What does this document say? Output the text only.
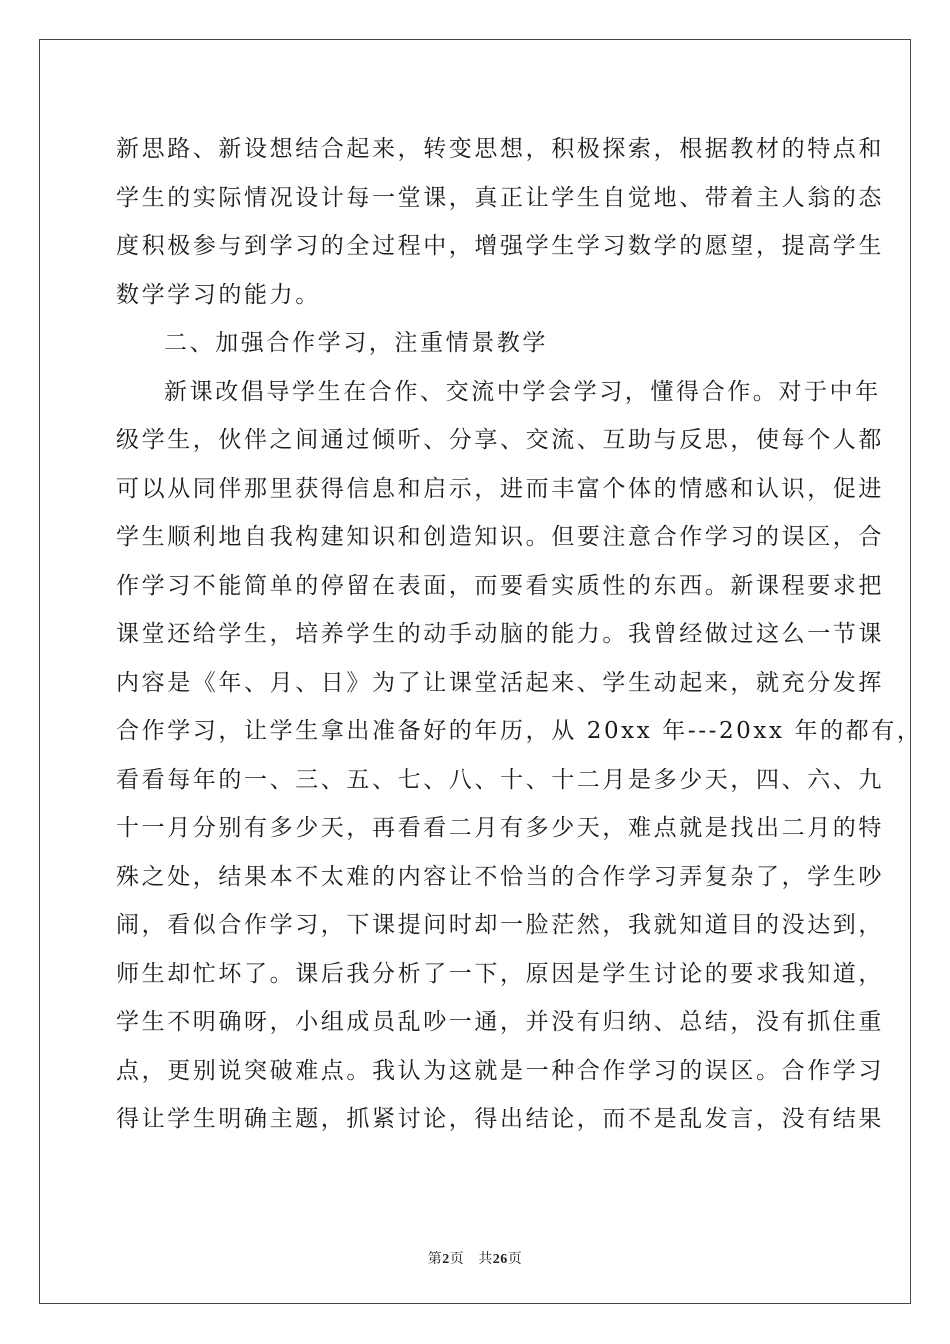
新思路、新设想结合起来，转变思想，积极探索，根据教材的特点和
学生的实际情况设计每一堂课，真正让学生自觉地、带着主人翁的态
度积极参与到学习的全过程中，增强学生学习数学的愿望，提高学生
数学学习的能力。
二、加强合作学习，注重情景教学
新课改倡导学生在合作、交流中学会学习，懂得合作。对于中年
级学生，伙伴之间通过倾听、分享、交流、互助与反思，使每个人都
可以从同伴那里获得信息和启示，进而丰富个体的情感和认识，促进
学生顺利地自我构建知识和创造知识。但要注意合作学习的误区，合
作学习不能简单的停留在表面，而要看实质性的东西。新课程要求把
课堂还给学生，培养学生的动手动脑的能力。我曾经做过这么一节课
内容是《年、月、日》为了让课堂活起来、学生动起来，就充分发挥
合作学习，让学生拿出准备好的年历，从 20xx 年---20xx 年的都有，
看看每年的一、三、五、七、八、十、十二月是多少天，四、六、九
十一月分别有多少天，再看看二月有多少天，难点就是找出二月的特
殊之处，结果本不太难的内容让不恰当的合作学习弄复杂了，学生吵
闹，看似合作学习，下课提问时却一脸茫然，我就知道目的没达到，
师生却忙坏了。课后我分析了一下，原因是学生讨论的要求我知道，
学生不明确呀，小组成员乱吵一通，并没有归纳、总结，没有抓住重
点，更别说突破难点。我认为这就是一种合作学习的误区。合作学习
得让学生明确主题，抓紧讨论，得出结论，而不是乱发言，没有结果
第2页 共26页
